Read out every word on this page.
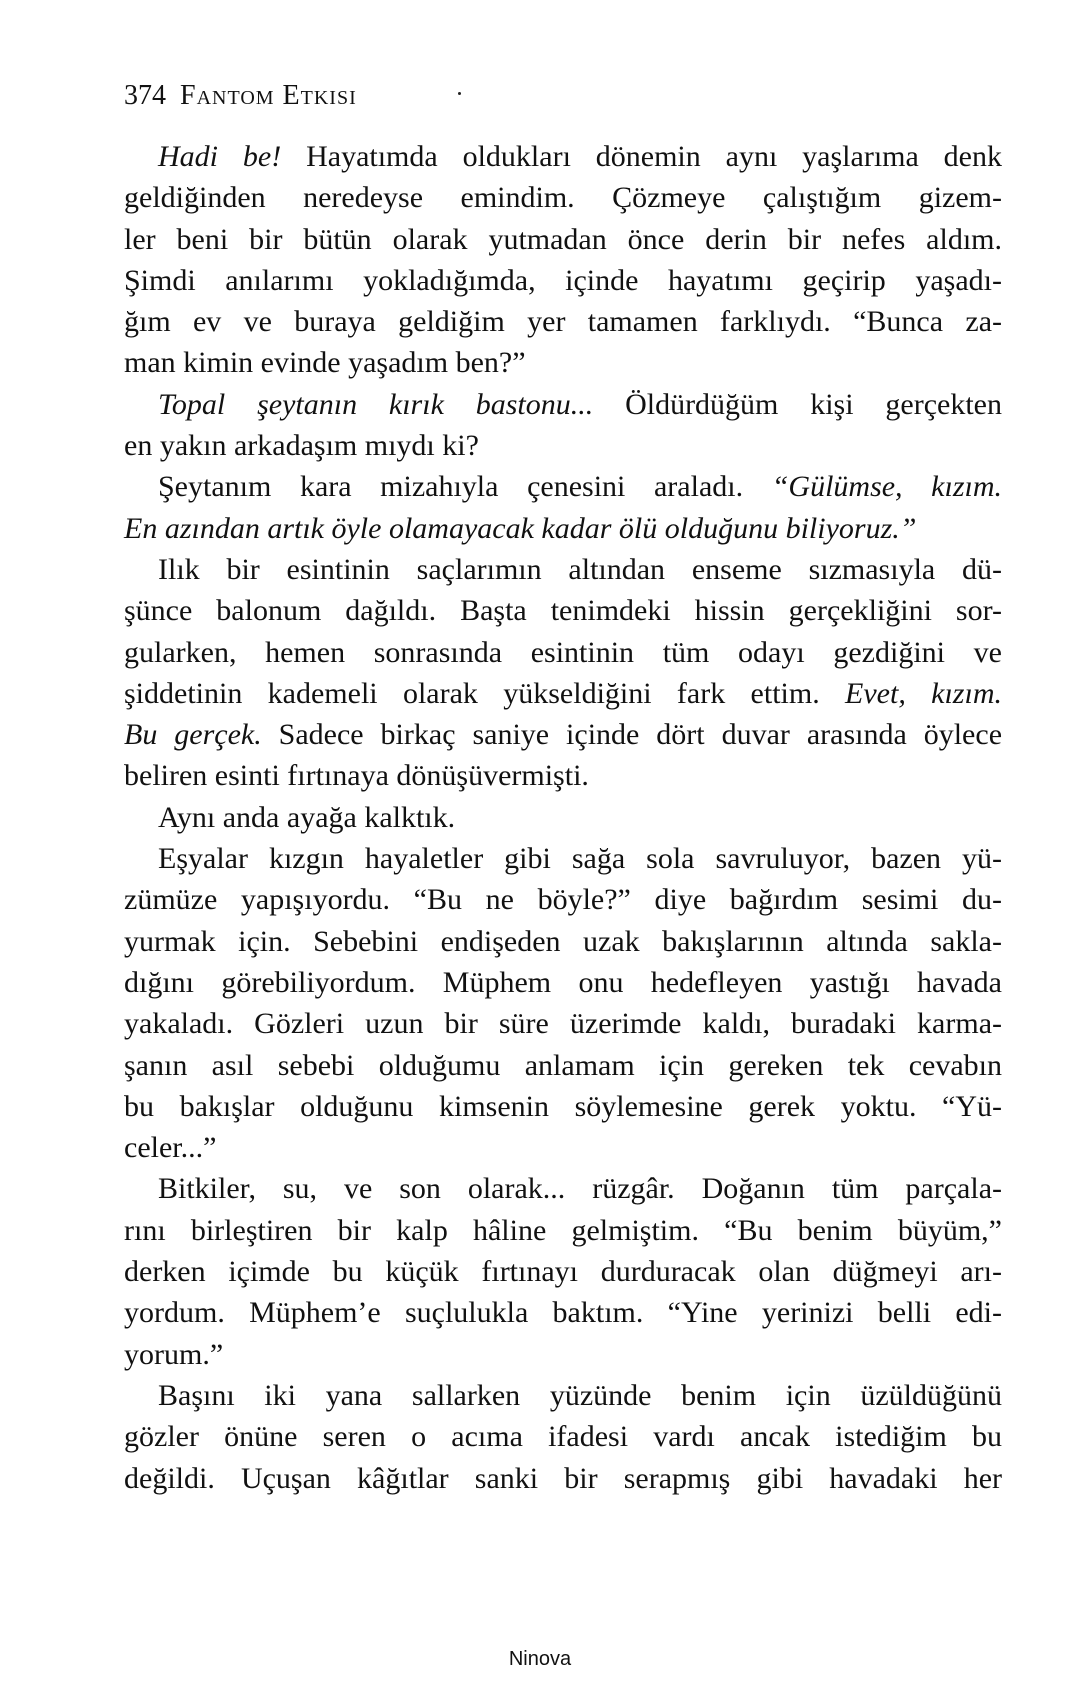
374 Fantom Etkisi
Hadi be! Hayatımda oldukları dönemin aynı yaşlarıma denk
geldiğinden neredeyse emindim. Çözmeye çalıştığım gizem-
ler beni bir bütün olarak yutmadan önce derin bir nefes aldım.
Şimdi anılarımı yokladığımda, içinde hayatımı geçirip yaşadı-
ğım ev ve buraya geldiğim yer tamamen farklıydı. “Bunca za-
man kimin evinde yaşadım ben?”
Topal şeytanın kırık bastonu... Öldürdüğüm kişi gerçekten
en yakın arkadaşım mıydı ki?
Şeytanım kara mizahıyla çenesini araladı. “Gülümse, kızım.
En azından artık öyle olamayacak kadar ölü olduğunu biliyoruz.”
Ilık bir esintinin saçlarımın altından enseme sızmasıyla dü-
şünce balonum dağıldı. Başta tenimdeki hissin gerçekliğini sor-
gularken, hemen sonrasında esintinin tüm odayı gezdiğini ve
şiddetinin kademeli olarak yükseldiğini fark ettim. Evet, kızım.
Bu gerçek. Sadece birkaç saniye içinde dört duvar arasında öylece
beliren esinti fırtınaya dönüşüvermişti.
Aynı anda ayağa kalktık.
Eşyalar kızgın hayaletler gibi sağa sola savruluyor, bazen yü-
zümüze yapışıyordu. “Bu ne böyle?” diye bağırdım sesimi du-
yurmak için. Sebebini endişeden uzak bakışlarının altında sakla-
dığını görebiliyordum. Müphem onu hedefleyen yastığı havada
yakaladı. Gözleri uzun bir süre üzerimde kaldı, buradaki karma-
şanın asıl sebebi olduğumu anlamam için gereken tek cevabın
bu bakışlar olduğunu kimsenin söylemesine gerek yoktu. “Yü-
celer...”
Bitkiler, su, ve son olarak... rüzgâr. Doğanın tüm parçala-
rını birleştiren bir kalp hâline gelmiştim. “Bu benim büyüm,”
derken içimde bu küçük fırtınayı durduracak olan düğmeyi arı-
yordum. Müphem’e suçlulukla baktım. “Yine yerinizi belli edi-
yorum.”
Başını iki yana sallarken yüzünde benim için üzüldüğünü
gözler önüne seren o acıma ifadesi vardı ancak istediğim bu
değildi. Uçuşan kâğıtlar sanki bir serapmış gibi havadaki her
Ninova
